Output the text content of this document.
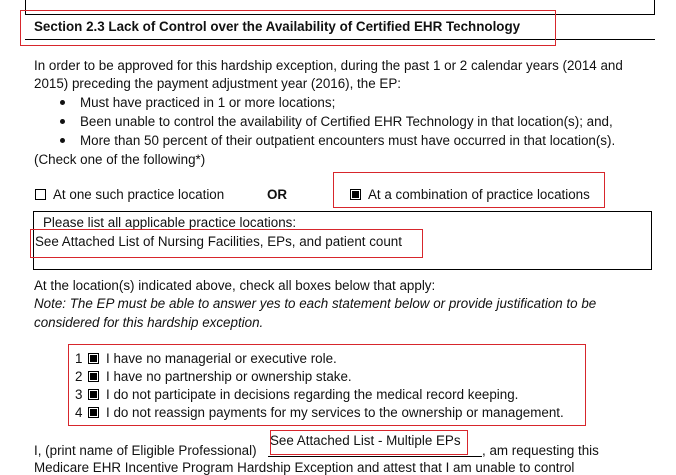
Section 2.3 Lack of Control over the Availability of Certified EHR Technology
In order to be approved for this hardship exception, during the past 1 or 2 calendar years (2014 and
2015) preceding the payment adjustment year (2016), the EP:
Must have practiced in 1 or more locations;
Been unable to control the availability of Certified EHR Technology in that location(s); and,
More than 50 percent of their outpatient encounters must have occurred in that location(s).
(Check one of the following*)
At one such practice location	OR	At a combination of practice locations
Please list all applicable practice locations:
See Attached List of Nursing Facilities, EPs, and patient count
At the location(s) indicated above, check all boxes below that apply:
Note: The EP must be able to answer yes to each statement below or provide justification to be
considered for this hardship exception.
1 I have no managerial or executive role.
2 I have no partnership or ownership stake.
3 I do not participate in decisions regarding the medical record keeping.
4 I do not reassign payments for my services to the ownership or management.
I, (print name of Eligible Professional)
See Attached List - Multiple EPs
, am requesting this
Medicare EHR Incentive Program Hardship Exception and attest that I am unable to control
